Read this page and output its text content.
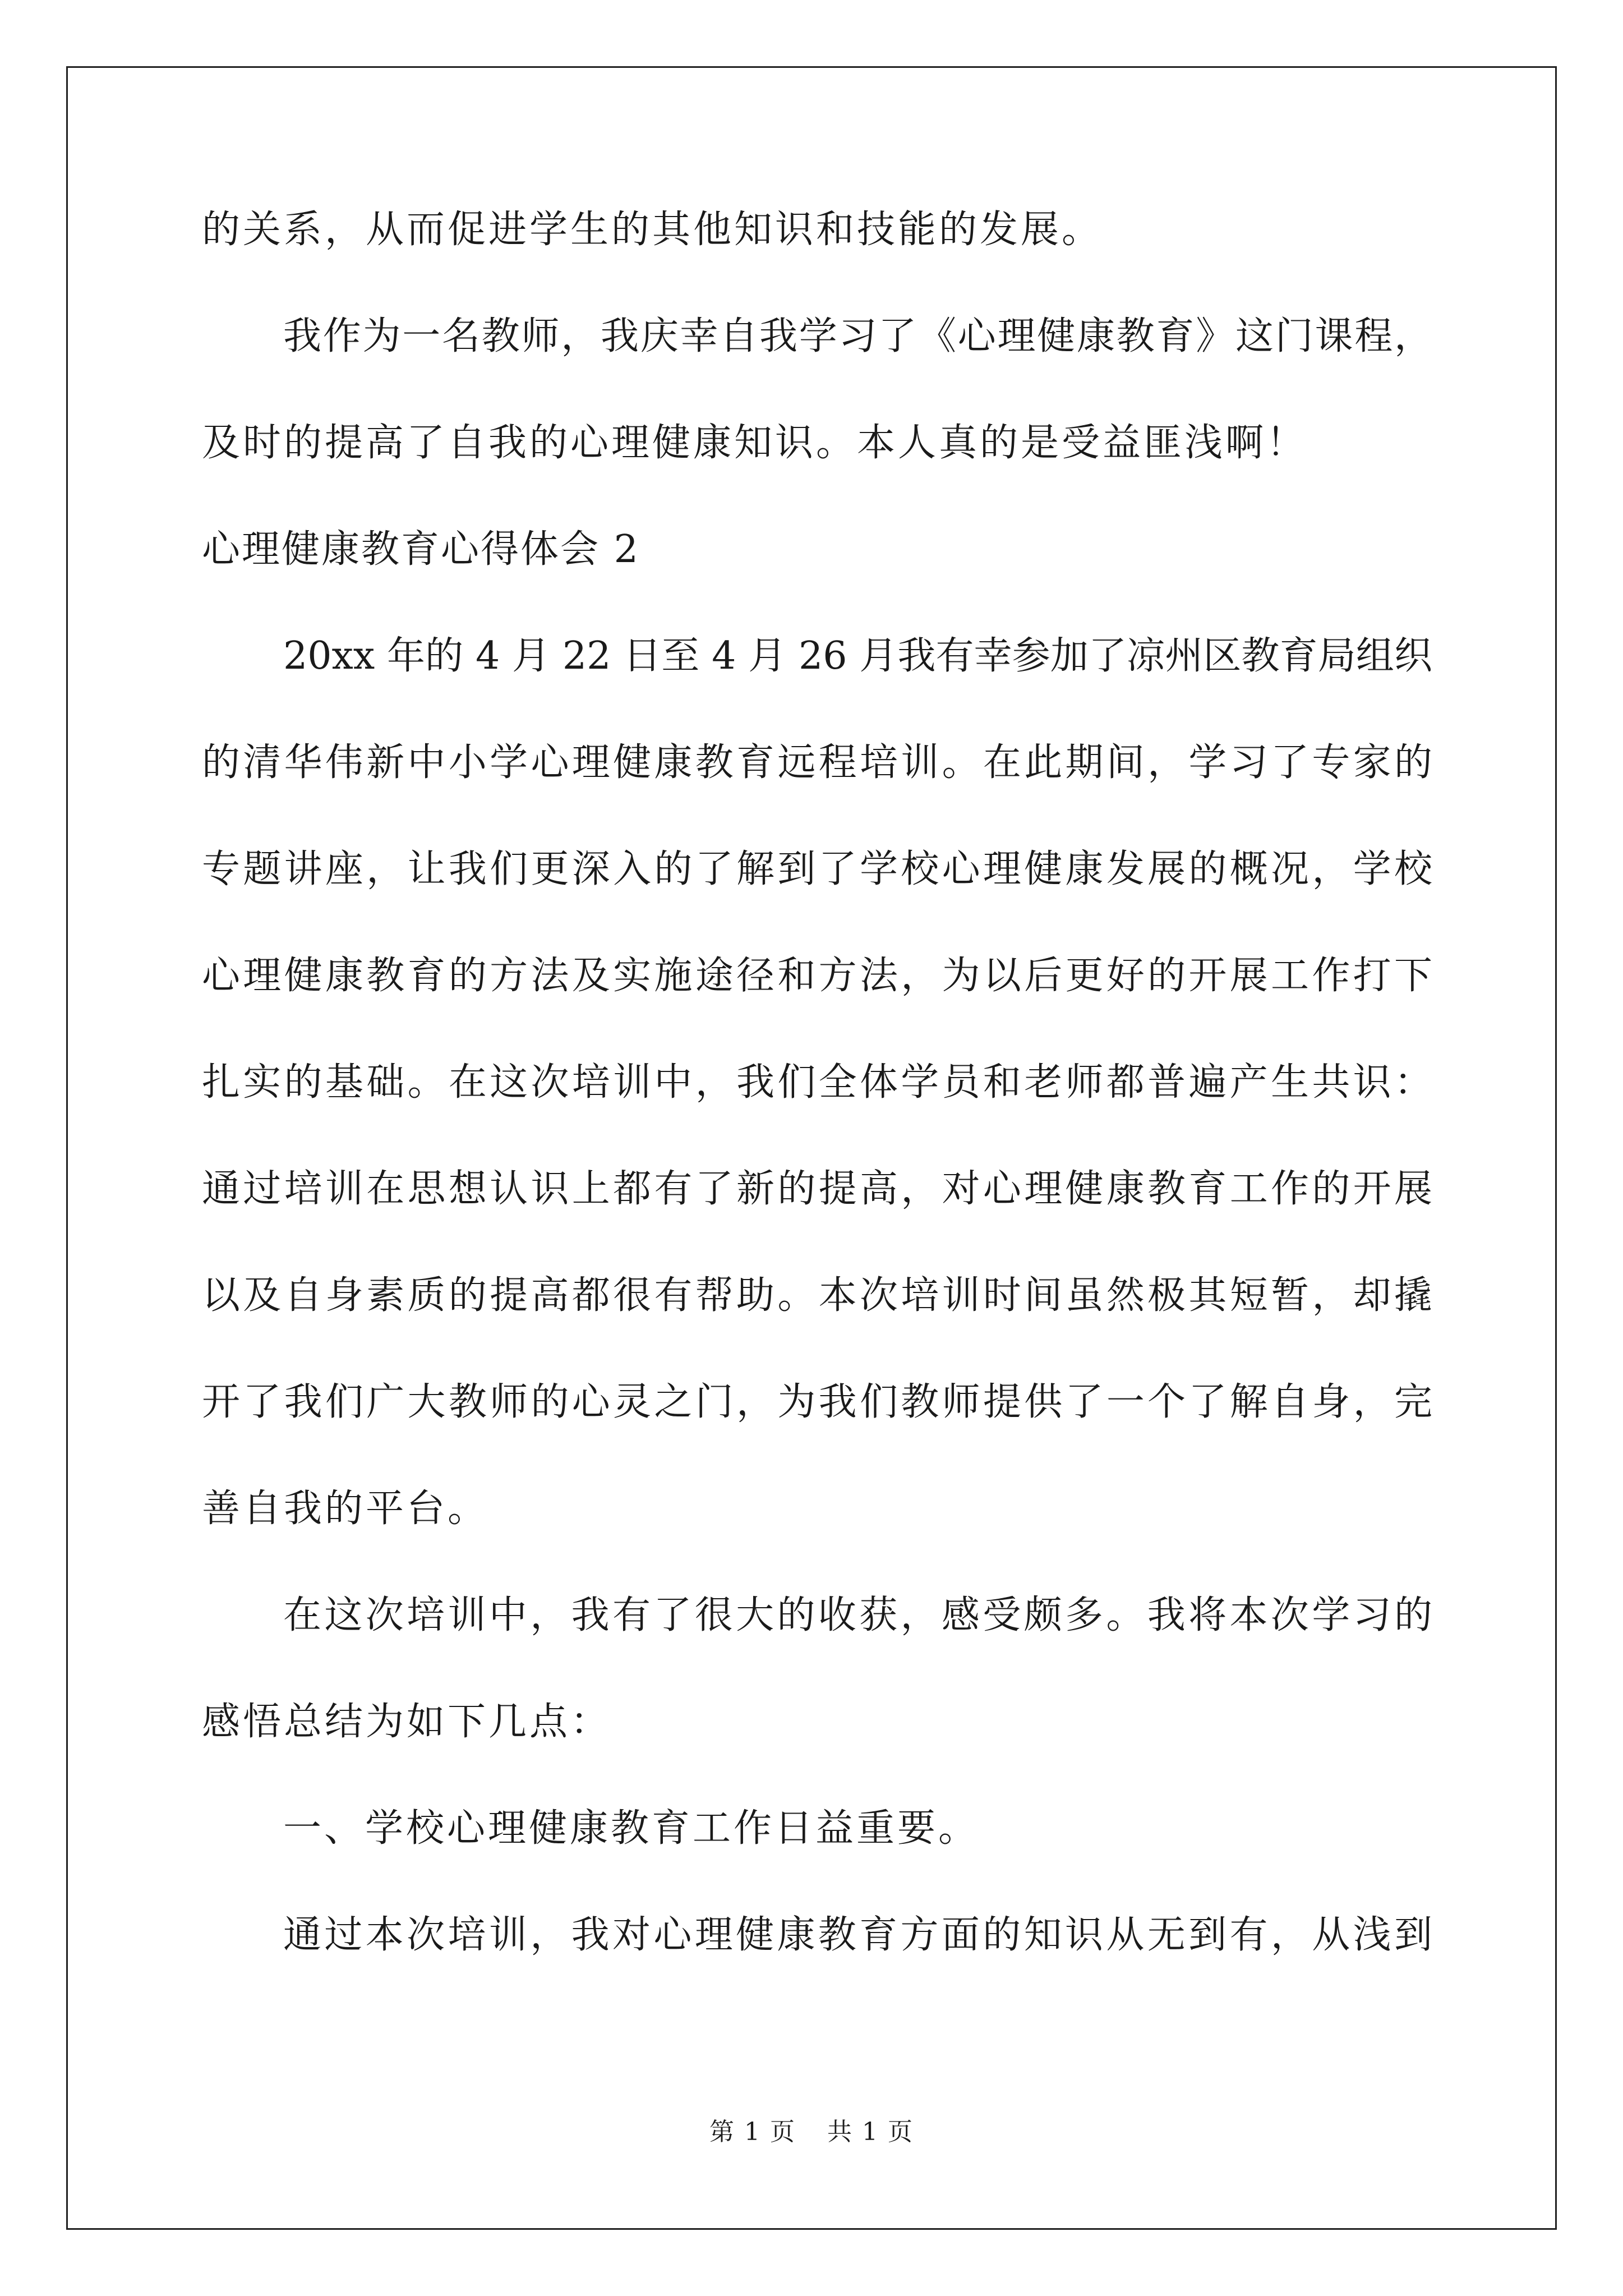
的关系，从而促进学生的其他知识和技能的发展。
我作为一名教师，我庆幸自我学习了《心理健康教育》这门课程，
及时的提高了自我的心理健康知识。本人真的是受益匪浅啊！
心理健康教育心得体会 2
20xx 年的 4 月 22 日至 4 月 26 月我有幸参加了凉州区教育局组织
的清华伟新中小学心理健康教育远程培训。在此期间，学习了专家的
专题讲座，让我们更深入的了解到了学校心理健康发展的概况，学校
心理健康教育的方法及实施途径和方法，为以后更好的开展工作打下
扎实的基础。在这次培训中，我们全体学员和老师都普遍产生共识：
通过培训在思想认识上都有了新的提高，对心理健康教育工作的开展
以及自身素质的提高都很有帮助。本次培训时间虽然极其短暂，却撬
开了我们广大教师的心灵之门，为我们教师提供了一个了解自身，完
善自我的平台。
在这次培训中，我有了很大的收获，感受颇多。我将本次学习的
感悟总结为如下几点：
一、学校心理健康教育工作日益重要。
通过本次培训，我对心理健康教育方面的知识从无到有，从浅到
第 1 页 共 1 页
